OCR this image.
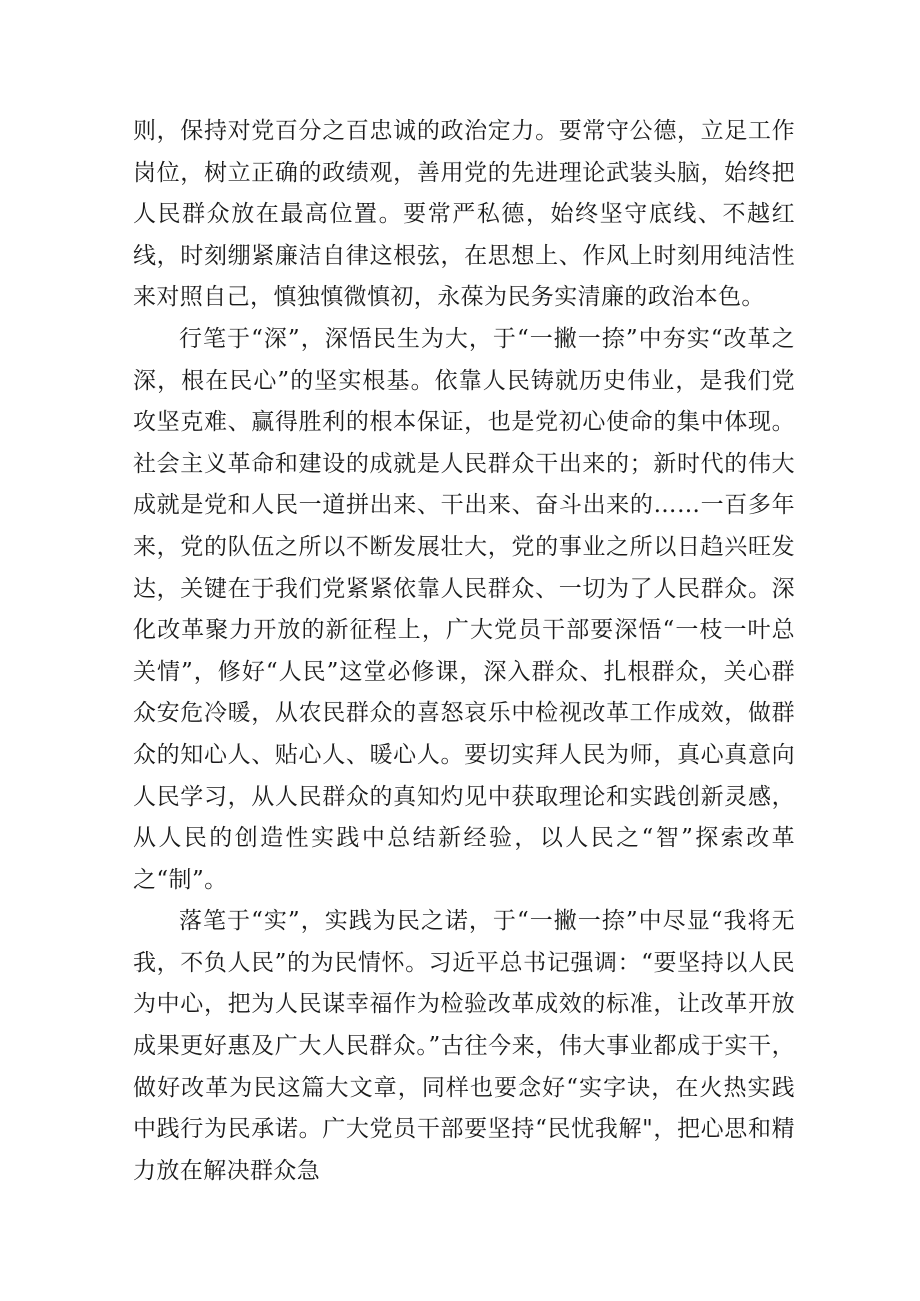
则，保持对党百分之百忠诚的政治定力。要常守公德，立足工作岗位，树立正确的政绩观，善用党的先进理论武装头脑，始终把人民群众放在最高位置。要常严私德，始终坚守底线、不越红线，时刻绷紧廉洁自律这根弦，在思想上、作风上时刻用纯洁性来对照自己，慎独慎微慎初，永葆为民务实清廉的政治本色。

行笔于“深”，深悟民生为大，于“一撇一捺”中夯实“改革之深，根在民心”的坚实根基。依靠人民铸就历史伟业，是我们党攻坚克难、赢得胜利的根本保证，也是党初心使命的集中体现。社会主义革命和建设的成就是人民群众干出来的；新时代的伟大成就是党和人民一道拼出来、干出来、奋斗出来的……一百多年来，党的队伍之所以不断发展壮大，党的事业之所以日趋兴旺发达，关键在于我们党紧紧依靠人民群众、一切为了人民群众。深化改革聚力开放的新征程上，广大党员干部要深悟“一枝一叶总关情”，修好“人民”这堂必修课，深入群众、扎根群众，关心群众安危冷暖，从农民群众的喜怒哀乐中检视改革工作成效，做群众的知心人、贴心人、暖心人。要切实拜人民为师，真心真意向人民学习，从人民群众的真知灼见中获取理论和实践创新灵感，从人民的创造性实践中总结新经验，以人民之“智”探索改革之“制”。

落笔于“实”，实践为民之诺，于“一撇一捺”中尽显“我将无我，不负人民”的为民情怀。习近平总书记强调：“要坚持以人民为中心，把为人民谋幸福作为检验改革成效的标准，让改革开放成果更好惠及广大人民群众。”古往今来，伟大事业都成于实干，做好改革为民这篇大文章，同样也要念好“实字诀，在火热实践中践行为民承诺。广大党员干部要坚持“民忧我解"，把心思和精力放在解决群众急
